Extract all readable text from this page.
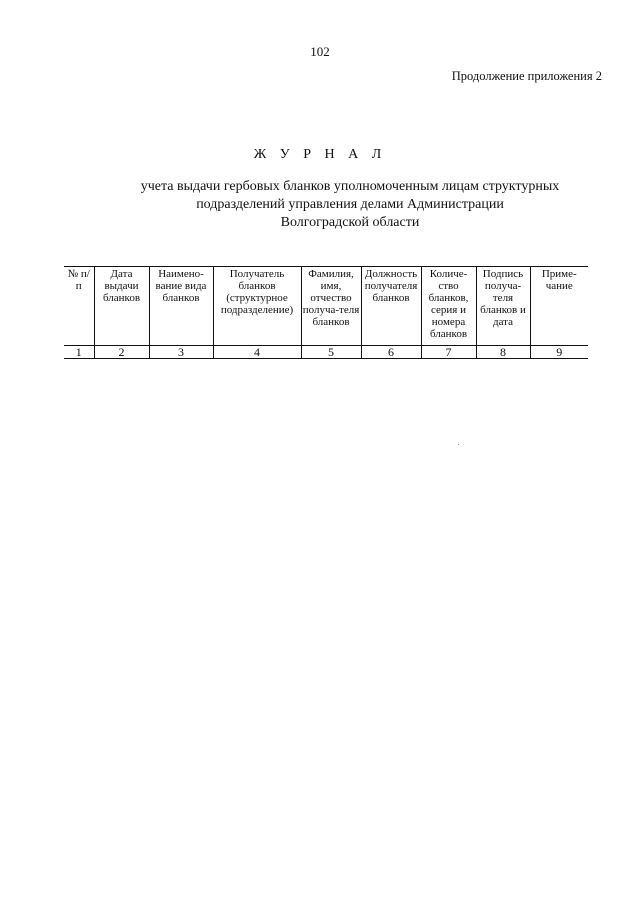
102
Продолжение приложения 2
Ж У Р Н А Л
учета выдачи гербовых бланков уполномоченным лицам структурных
подразделений управления делами Администрации
Волгоградской области
№ п/п	Дата выдачи бланков	Наимено-вание вида бланков	Получатель бланков (структурное подразделение)	Фамилия, имя, отчество получа-теля бланков	Должность получателя бланков	Количе-ство бланков, серия и номера бланков	Подпись получа-теля бланков и дата	Приме-чание
1	2	3	4	5	6	7	8	9
